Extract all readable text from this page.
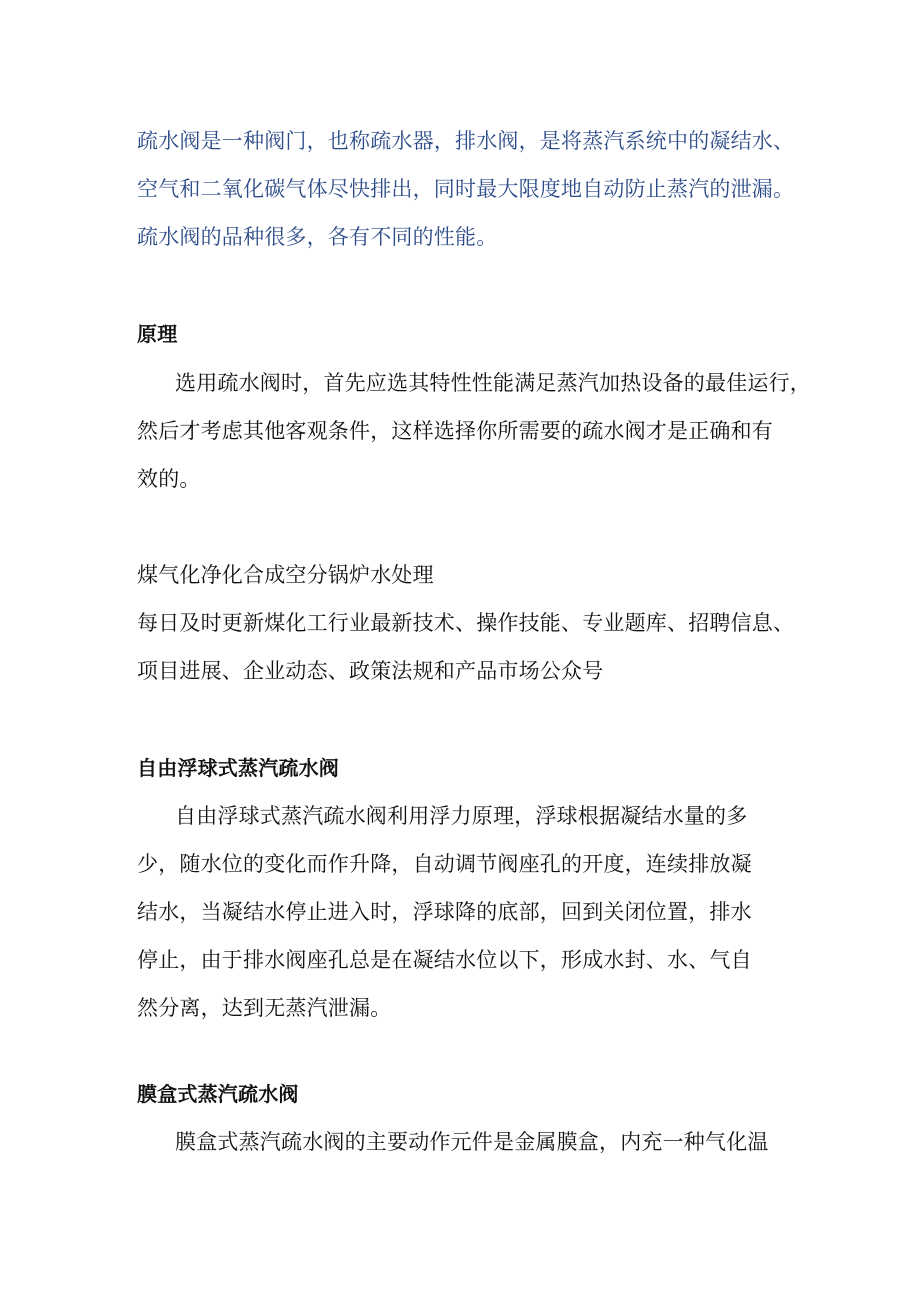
疏水阀是一种阀门，也称疏水器，排水阀，是将蒸汽系统中的凝结水、
空气和二氧化碳气体尽快排出，同时最大限度地自动防止蒸汽的泄漏。
疏水阀的品种很多，各有不同的性能。
原理
选用疏水阀时，首先应选其特性性能满足蒸汽加热设备的最佳运行，
然后才考虑其他客观条件，这样选择你所需要的疏水阀才是正确和有
效的。
煤气化净化合成空分锅炉水处理
每日及时更新煤化工行业最新技术、操作技能、专业题库、招聘信息、
项目进展、企业动态、政策法规和产品市场公众号
自由浮球式蒸汽疏水阀
自由浮球式蒸汽疏水阀利用浮力原理，浮球根据凝结水量的多
少，随水位的变化而作升降，自动调节阀座孔的开度，连续排放凝
结水，当凝结水停止进入时，浮球降的底部，回到关闭位置，排水
停止，由于排水阀座孔总是在凝结水位以下，形成水封、水、气自
然分离，达到无蒸汽泄漏。
膜盒式蒸汽疏水阀
膜盒式蒸汽疏水阀的主要动作元件是金属膜盒，内充一种气化温
